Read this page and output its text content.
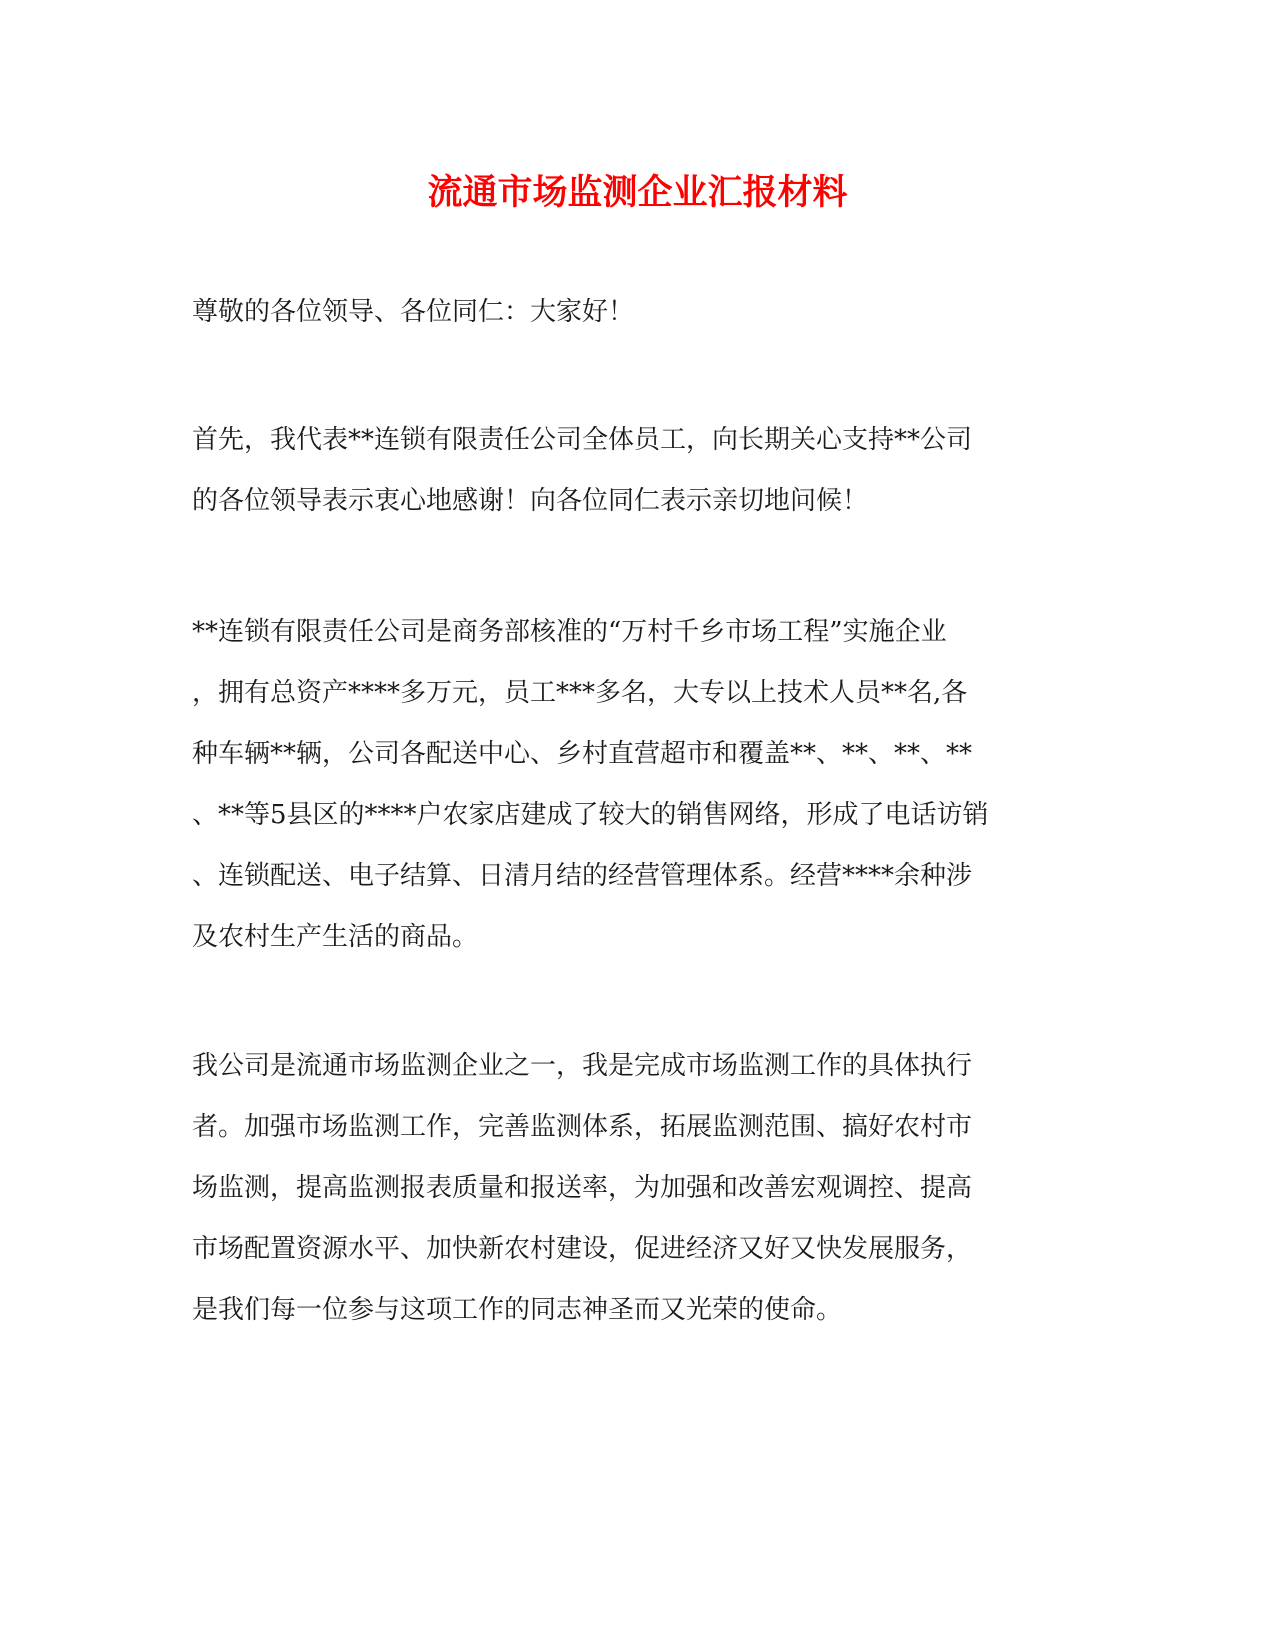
流通市场监测企业汇报材料
尊敬的各位领导、各位同仁：大家好！
首先，我代表**连锁有限责任公司全体员工，向长期关心支持**公司
的各位领导表示衷心地感谢！向各位同仁表示亲切地问候！
**连锁有限责任公司是商务部核准的“万村千乡市场工程”实施企业
，拥有总资产****多万元，员工***多名，大专以上技术人员**名,各
种车辆**辆，公司各配送中心、乡村直营超市和覆盖**、**、**、**
、**等5县区的****户农家店建成了较大的销售网络，形成了电话访销
、连锁配送、电子结算、日清月结的经营管理体系。经营****余种涉
及农村生产生活的商品。
我公司是流通市场监测企业之一，我是完成市场监测工作的具体执行
者。加强市场监测工作，完善监测体系，拓展监测范围、搞好农村市
场监测，提高监测报表质量和报送率，为加强和改善宏观调控、提高
市场配置资源水平、加快新农村建设，促进经济又好又快发展服务，
是我们每一位参与这项工作的同志神圣而又光荣的使命。
